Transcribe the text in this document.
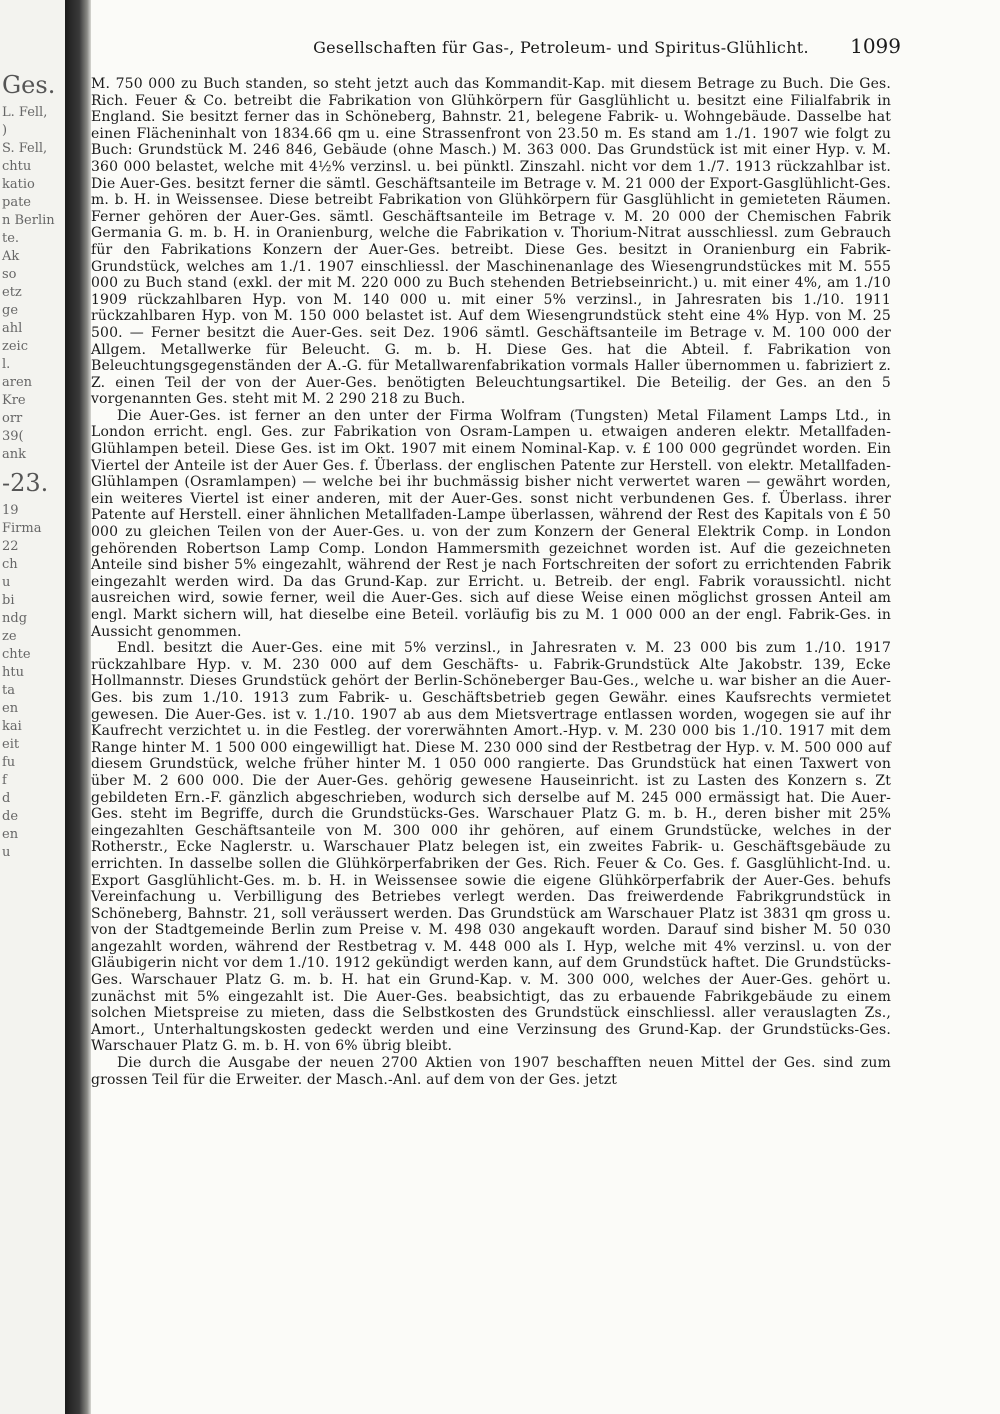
Ges.
L. Fell,
)
S. Fell,
chtu
katio
pate
n Berlin
te.
Ak
so
etz
ge
ahl
zeic
l.
aren
Kre
orr
39(
ank
-23.
19
Firma
22
ch
u
bi
ndg
ze
chte
htu
ta
en
kai
eit
fu
f
d
de
en
u
Gesellschaften für Gas-, Petroleum- und Spiritus-Glühlicht.	1099

M. 750 000 zu Buch standen, so steht jetzt auch das Kommandit-Kap. mit diesem Betrage zu Buch. Die Ges. Rich. Feuer & Co. betreibt die Fabrikation von Glühkörpern für Gasglühlicht u. besitzt eine Filialfabrik in England. Sie besitzt ferner das in Schöneberg, Bahnstr. 21, belegene Fabrik- u. Wohngebäude. Dasselbe hat einen Flächeninhalt von 1834.66 qm u. eine Strassenfront von 23.50 m. Es stand am 1./1. 1907 wie folgt zu Buch: Grundstück M. 246 846, Gebäude (ohne Masch.) M. 363 000. Das Grundstück ist mit einer Hyp. v. M. 360 000 belastet, welche mit 4½% verzinsl. u. bei pünktl. Zinszahl. nicht vor dem 1./7. 1913 rückzahlbar ist. Die Auer-Ges. besitzt ferner die sämtl. Geschäftsanteile im Betrage v. M. 21 000 der Export-Gasglühlicht-Ges. m. b. H. in Weissensee. Diese betreibt Fabrikation von Glühkörpern für Gasglühlicht in gemieteten Räumen. Ferner gehören der Auer-Ges. sämtl. Geschäftsanteile im Betrage v. M. 20 000 der Chemischen Fabrik Germania G. m. b. H. in Oranienburg, welche die Fabrikation v. Thorium-Nitrat ausschliessl. zum Gebrauch für den Fabrikations Konzern der Auer-Ges. betreibt. Diese Ges. besitzt in Oranienburg ein Fabrik-Grundstück, welches am 1./1. 1907 einschliessl. der Maschinenanlage des Wiesengrundstückes mit M. 555 000 zu Buch stand (exkl. der mit M. 220 000 zu Buch stehenden Betriebseinricht.) u. mit einer 4%, am 1./10 1909 rückzahlbaren Hyp. von M. 140 000 u. mit einer 5% verzinsl., in Jahresraten bis 1./10. 1911 rückzahlbaren Hyp. von M. 150 000 belastet ist. Auf dem Wiesengrundstück steht eine 4% Hyp. von M. 25 500. — Ferner besitzt die Auer-Ges. seit Dez. 1906 sämtl. Geschäftsanteile im Betrage v. M. 100 000 der Allgem. Metallwerke für Beleucht. G. m. b. H. Diese Ges. hat die Abteil. f. Fabrikation von Beleuchtungsgegenständen der A.-G. für Metallwarenfabrikation vormals Haller übernommen u. fabriziert z. Z. einen Teil der von der Auer-Ges. benötigten Beleuchtungsartikel. Die Beteilig. der Ges. an den 5 vorgenannten Ges. steht mit M. 2 290 218 zu Buch.

Die Auer-Ges. ist ferner an den unter der Firma Wolfram (Tungsten) Metal Filament Lamps Ltd., in London erricht. engl. Ges. zur Fabrikation von Osram-Lampen u. etwaigen anderen elektr. Metallfaden-Glühlampen beteil. Diese Ges. ist im Okt. 1907 mit einem Nominal-Kap. v. £ 100 000 gegründet worden. Ein Viertel der Anteile ist der Auer Ges. f. Überlass. der englischen Patente zur Herstell. von elektr. Metallfaden-Glühlampen (Osramlampen) — welche bei ihr buchmässig bisher nicht verwertet waren — gewährt worden, ein weiteres Viertel ist einer anderen, mit der Auer-Ges. sonst nicht verbundenen Ges. f. Überlass. ihrer Patente auf Herstell. einer ähnlichen Metallfaden-Lampe überlassen, während der Rest des Kapitals von £ 50 000 zu gleichen Teilen von der Auer-Ges. u. von der zum Konzern der General Elektrik Comp. in London gehörenden Robertson Lamp Comp. London Hammersmith gezeichnet worden ist. Auf die gezeichneten Anteile sind bisher 5% eingezahlt, während der Rest je nach Fortschreiten der sofort zu errichtenden Fabrik eingezahlt werden wird. Da das Grund-Kap. zur Erricht. u. Betreib. der engl. Fabrik voraussichtl. nicht ausreichen wird, sowie ferner, weil die Auer-Ges. sich auf diese Weise einen möglichst grossen Anteil am engl. Markt sichern will, hat dieselbe eine Beteil. vorläufig bis zu M. 1 000 000 an der engl. Fabrik-Ges. in Aussicht genommen.

Endl. besitzt die Auer-Ges. eine mit 5% verzinsl., in Jahresraten v. M. 23 000 bis zum 1./10. 1917 rückzahlbare Hyp. v. M. 230 000 auf dem Geschäfts- u. Fabrik-Grundstück Alte Jakobstr. 139, Ecke Hollmannstr. Dieses Grundstück gehört der Berlin-Schöneberger Bau-Ges., welche u. war bisher an die Auer-Ges. bis zum 1./10. 1913 zum Fabrik- u. Geschäftsbetrieb gegen Gewähr. eines Kaufsrechts vermietet gewesen. Die Auer-Ges. ist v. 1./10. 1907 ab aus dem Mietsvertrage entlassen worden, wogegen sie auf ihr Kaufrecht verzichtet u. in die Festleg. der vorerwähnten Amort.-Hyp. v. M. 230 000 bis 1./10. 1917 mit dem Range hinter M. 1 500 000 eingewilligt hat. Diese M. 230 000 sind der Restbetrag der Hyp. v. M. 500 000 auf diesem Grundstück, welche früher hinter M. 1 050 000 rangierte. Das Grundstück hat einen Taxwert von über M. 2 600 000. Die der Auer-Ges. gehörig gewesene Hauseinricht. ist zu Lasten des Konzern s. Zt gebildeten Ern.-F. gänzlich abgeschrieben, wodurch sich derselbe auf M. 245 000 ermässigt hat. Die Auer-Ges. steht im Begriffe, durch die Grundstücks-Ges. Warschauer Platz G. m. b. H., deren bisher mit 25% eingezahlten Geschäftsanteile von M. 300 000 ihr gehören, auf einem Grundstücke, welches in der Rotherstr., Ecke Naglerstr. u. Warschauer Platz belegen ist, ein zweites Fabrik- u. Geschäftsgebäude zu errichten. In dasselbe sollen die Glühkörperfabriken der Ges. Rich. Feuer & Co. Ges. f. Gasglühlicht-Ind. u. Export Gasglühlicht-Ges. m. b. H. in Weissensee sowie die eigene Glühkörperfabrik der Auer-Ges. behufs Vereinfachung u. Verbilligung des Betriebes verlegt werden. Das freiwerdende Fabrikgrundstück in Schöneberg, Bahnstr. 21, soll veräussert werden. Das Grundstück am Warschauer Platz ist 3831 qm gross u. von der Stadtgemeinde Berlin zum Preise v. M. 498 030 angekauft worden. Darauf sind bisher M. 50 030 angezahlt worden, während der Restbetrag v. M. 448 000 als I. Hyp, welche mit 4% verzinsl. u. von der Gläubigerin nicht vor dem 1./10. 1912 gekündigt werden kann, auf dem Grundstück haftet. Die Grundstücks-Ges. Warschauer Platz G. m. b. H. hat ein Grund-Kap. v. M. 300 000, welches der Auer-Ges. gehört u. zunächst mit 5% eingezahlt ist. Die Auer-Ges. beabsichtigt, das zu erbauende Fabrikgebäude zu einem solchen Mietspreise zu mieten, dass die Selbstkosten des Grundstück einschliessl. aller verauslagten Zs., Amort., Unterhaltungskosten gedeckt werden und eine Verzinsung des Grund-Kap. der Grundstücks-Ges. Warschauer Platz G. m. b. H. von 6% übrig bleibt.

Die durch die Ausgabe der neuen 2700 Aktien von 1907 beschafften neuen Mittel der Ges. sind zum grossen Teil für die Erweiter. der Masch.-Anl. auf dem von der Ges. jetzt
